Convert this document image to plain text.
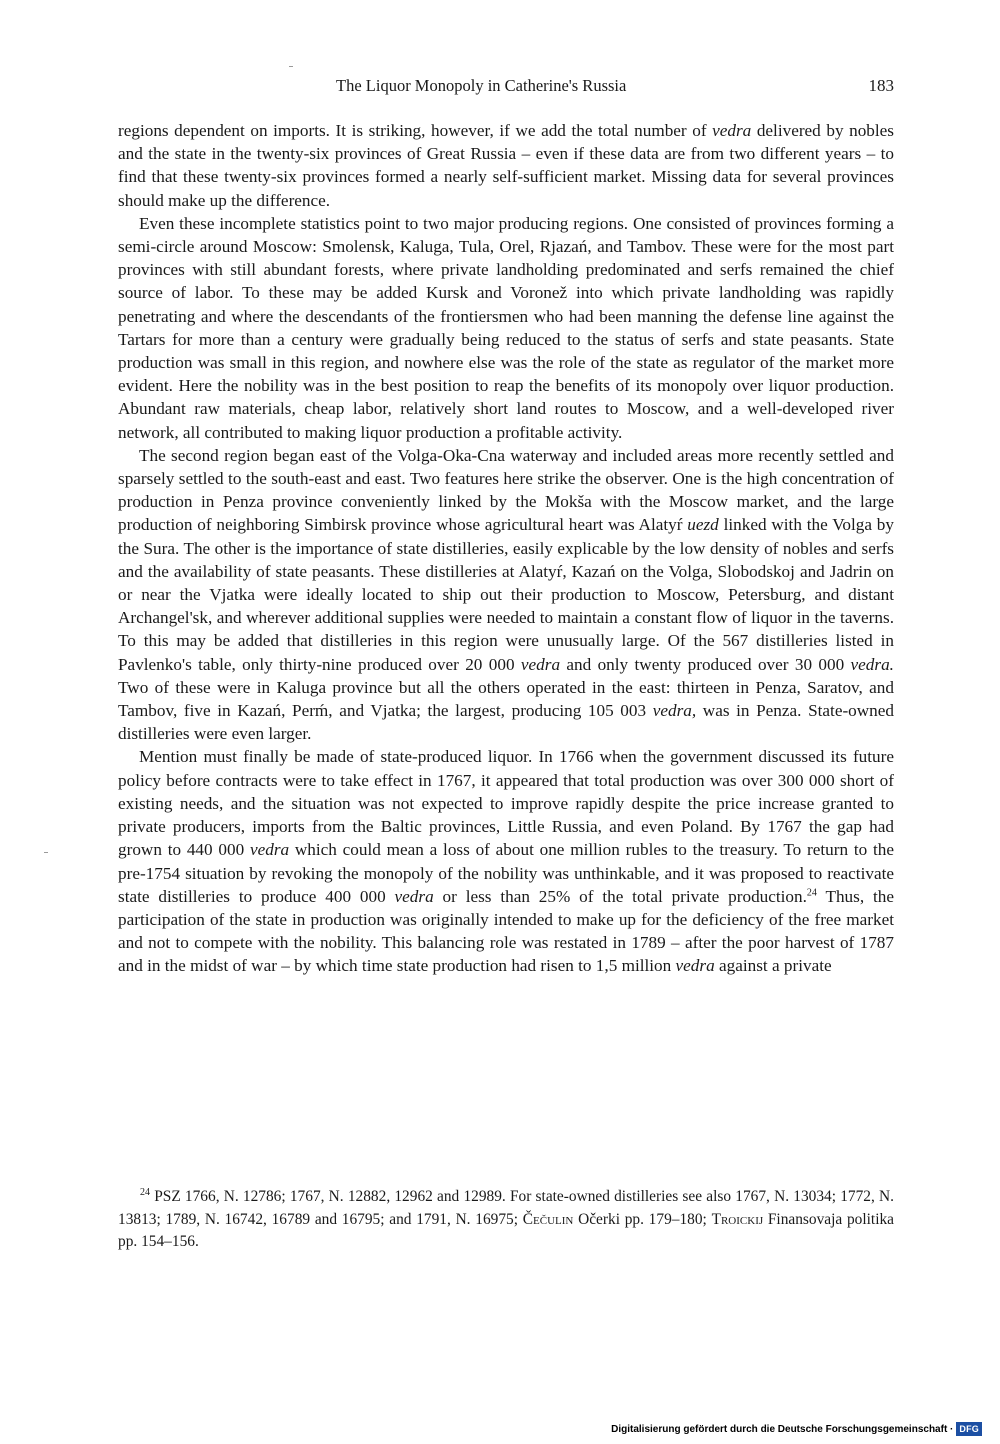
The Liquor Monopoly in Catherine's Russia	183

regions dependent on imports. It is striking, however, if we add the total number of vedra delivered by nobles and the state in the twenty-six provinces of Great Russia – even if these data are from two different years – to find that these twenty-six provinces formed a nearly self-sufficient market. Missing data for several provinces should make up the difference.

Even these incomplete statistics point to two major producing regions. One consisted of provinces forming a semi-circle around Moscow: Smolensk, Kaluga, Tula, Orel, Rjazań, and Tambov. These were for the most part provinces with still abundant forests, where private landholding predominated and serfs remained the chief source of labor. To these may be added Kursk and Voronež into which private landholding was rapidly penetrating and where the descendants of the frontiersmen who had been manning the defense line against the Tartars for more than a century were gradually being reduced to the status of serfs and state peasants. State production was small in this region, and nowhere else was the role of the state as regulator of the market more evident. Here the nobility was in the best position to reap the benefits of its monopoly over liquor production. Abundant raw materials, cheap labor, relatively short land routes to Moscow, and a well-developed river network, all contributed to making liquor production a profitable activity.

The second region began east of the Volga-Oka-Cna waterway and included areas more recently settled and sparsely settled to the south-east and east. Two features here strike the observer. One is the high concentration of production in Penza province conveniently linked by the Mokša with the Moscow market, and the large production of neighboring Simbirsk province whose agricultural heart was Alatyŕ uezd linked with the Volga by the Sura. The other is the importance of state distilleries, easily explicable by the low density of nobles and serfs and the availability of state peasants. These distilleries at Alatyŕ, Kazań on the Volga, Slobodskoj and Jadrin on or near the Vjatka were ideally located to ship out their production to Moscow, Petersburg, and distant Archangel'sk, and wherever additional supplies were needed to maintain a constant flow of liquor in the taverns. To this may be added that distilleries in this region were unusually large. Of the 567 distilleries listed in Pavlenko's table, only thirty-nine produced over 20 000 vedra and only twenty produced over 30 000 vedra. Two of these were in Kaluga province but all the others operated in the east: thirteen in Penza, Saratov, and Tambov, five in Kazań, Perḿ, and Vjatka; the largest, producing 105 003 vedra, was in Penza. State-owned distilleries were even larger.

Mention must finally be made of state-produced liquor. In 1766 when the government discussed its future policy before contracts were to take effect in 1767, it appeared that total production was over 300 000 short of existing needs, and the situation was not expected to improve rapidly despite the price increase granted to private producers, imports from the Baltic provinces, Little Russia, and even Poland. By 1767 the gap had grown to 440 000 vedra which could mean a loss of about one million rubles to the treasury. To return to the pre-1754 situation by revoking the monopoly of the nobility was unthinkable, and it was proposed to reactivate state distilleries to produce 400 000 vedra or less than 25% of the total private production.$^{24}$ Thus, the participation of the state in production was originally intended to make up for the deficiency of the free market and not to compete with the nobility. This balancing role was restated in 1789 – after the poor harvest of 1787 and in the midst of war – by which time state production had risen to 1,5 million vedra against a private

$^{24}$ PSZ 1766, N. 12786; 1767, N. 12882, 12962 and 12989. For state-owned distilleries see also 1767, N. 13034; 1772, N. 13813; 1789, N. 16742, 16789 and 16795; and 1791, N. 16975; Čečulin Očerki pp. 179–180; Troickij Finansovaja politika pp. 154–156.

Digitalisierung gefördert durch die Deutsche Forschungsgemeinschaft · DFG
